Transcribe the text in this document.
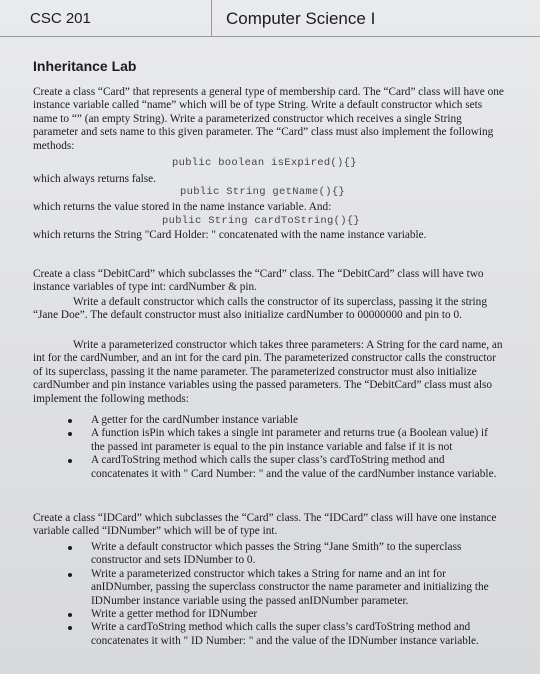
CSC 201	Computer Science I
Inheritance Lab

Create a class “Card” that represents a general type of membership card. The “Card” class will have one instance variable called “name” which will be of type String. Write a default constructor which sets name to “” (an empty String). Write a parameterized constructor which receives a single String parameter and sets name to this given parameter. The “Card” class must also implement the following methods:

public boolean isExpired(){}

which always returns false.

public String getName(){}

which returns the value stored in the name instance variable. And:

public String cardToString(){}

which returns the String "Card Holder: " concatenated with the name instance variable.

Create a class “DebitCard” which subclasses the “Card” class. The “DebitCard” class will have two instance variables of type int: cardNumber & pin.

Write a default constructor which calls the constructor of its superclass, passing it the string “Jane Doe”. The default constructor must also initialize cardNumber to 00000000 and pin to 0.

Write a parameterized constructor which takes three parameters: A String for the card name, an int for the cardNumber, and an int for the card pin. The parameterized constructor calls the constructor of its superclass, passing it the name parameter. The parameterized constructor must also initialize cardNumber and pin instance variables using the passed parameters. The “DebitCard” class must also implement the following methods:

A getter for the cardNumber instance variable
A function isPin which takes a single int parameter and returns true (a Boolean value) if the passed int parameter is equal to the pin instance variable and false if it is not
A cardToString method which calls the super class’s cardToString method and concatenates it with " Card Number: " and the value of the cardNumber instance variable.

Create a class “IDCard” which subclasses the “Card” class. The “IDCard” class will have one instance variable called “IDNumber” which will be of type int.

Write a default constructor which passes the String “Jane Smith” to the superclass constructor and sets IDNumber to 0.
Write a parameterized constructor which takes a String for name and an int for anIDNumber, passing the superclass constructor the name parameter and initializing the IDNumber instance variable using the passed anIDNumber parameter.
Write a getter method for IDNumber
Write a cardToString method which calls the super class’s cardToString method and concatenates it with " ID Number: " and the value of the IDNumber instance variable.
